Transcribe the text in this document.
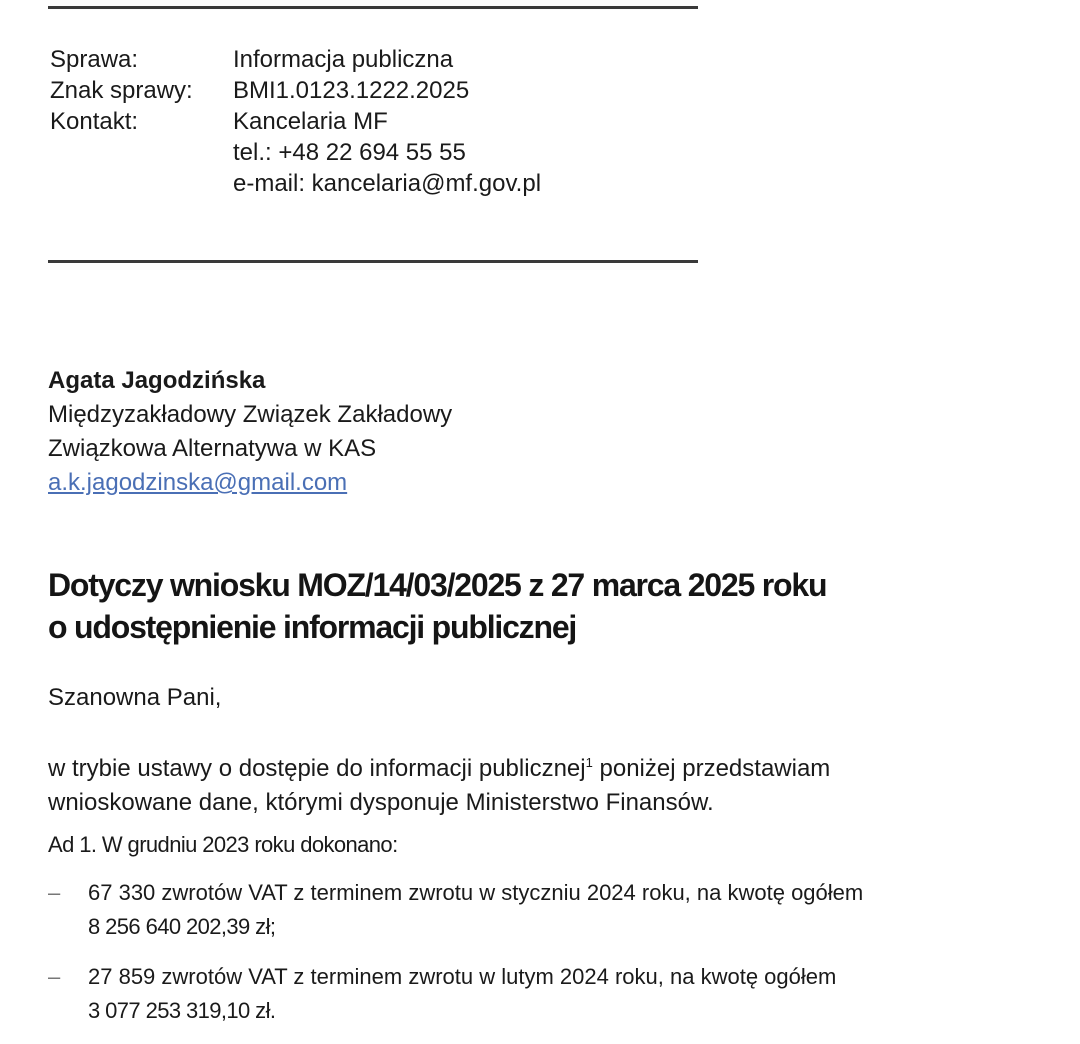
Sprawa:	Informacja publiczna
Znak sprawy:	BMI1.0123.1222.2025
Kontakt:	Kancelaria MF
tel.: +48 22 694 55 55
e-mail: kancelaria@mf.gov.pl
Agata Jagodzińska
Międzyzakładowy Związek Zakładowy
Związkowa Alternatywa w KAS
a.k.jagodzinska@gmail.com
Dotyczy wniosku MOZ/14/03/2025 z 27 marca 2025 roku
o udostępnienie informacji publicznej
Szanowna Pani,
w trybie ustawy o dostępie do informacji publicznej$^1$ poniżej przedstawiam
wnioskowane dane, którymi dysponuje Ministerstwo Finansów.
Ad 1. W grudniu 2023 roku dokonano:
– 67 330 zwrotów VAT z terminem zwrotu w styczniu 2024 roku, na kwotę ogółem
8 256 640 202,39 zł;
– 27 859 zwrotów VAT z terminem zwrotu w lutym 2024 roku, na kwotę ogółem
3 077 253 319,10 zł.
